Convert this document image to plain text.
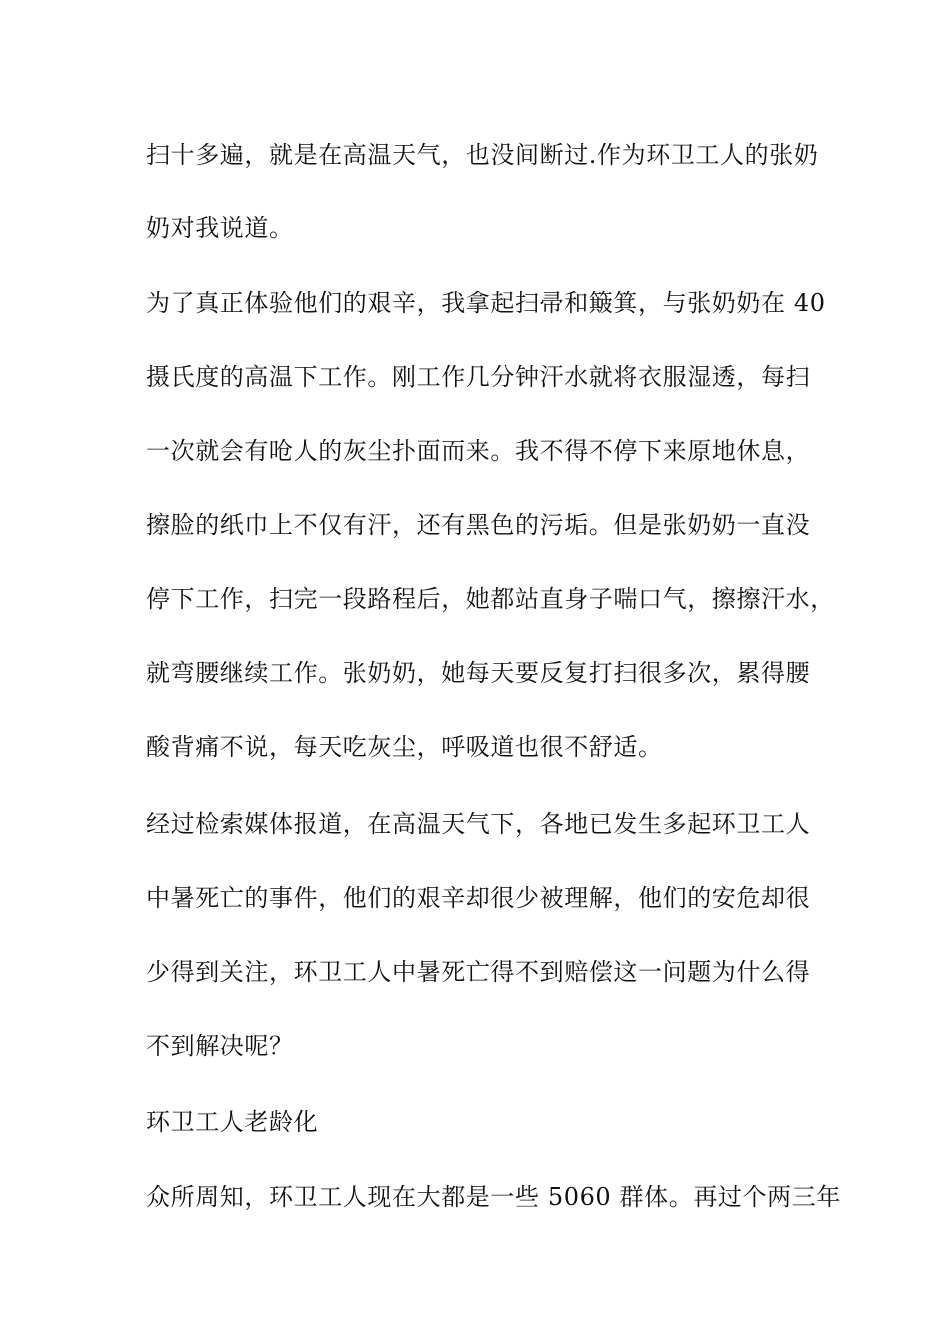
扫十多遍，就是在高温天气，也没间断过.作为环卫工人的张奶
奶对我说道。
为了真正体验他们的艰辛，我拿起扫帚和簸箕，与张奶奶在 40
摄氏度的高温下工作。刚工作几分钟汗水就将衣服湿透，每扫
一次就会有呛人的灰尘扑面而来。我不得不停下来原地休息，
擦脸的纸巾上不仅有汗，还有黑色的污垢。但是张奶奶一直没
停下工作，扫完一段路程后，她都站直身子喘口气，擦擦汗水，
就弯腰继续工作。张奶奶，她每天要反复打扫很多次，累得腰
酸背痛不说，每天吃灰尘，呼吸道也很不舒适。
经过检索媒体报道，在高温天气下，各地已发生多起环卫工人
中暑死亡的事件，他们的艰辛却很少被理解，他们的安危却很
少得到关注，环卫工人中暑死亡得不到赔偿这一问题为什么得
不到解决呢？
环卫工人老龄化
众所周知，环卫工人现在大都是一些 5060 群体。再过个两三年
